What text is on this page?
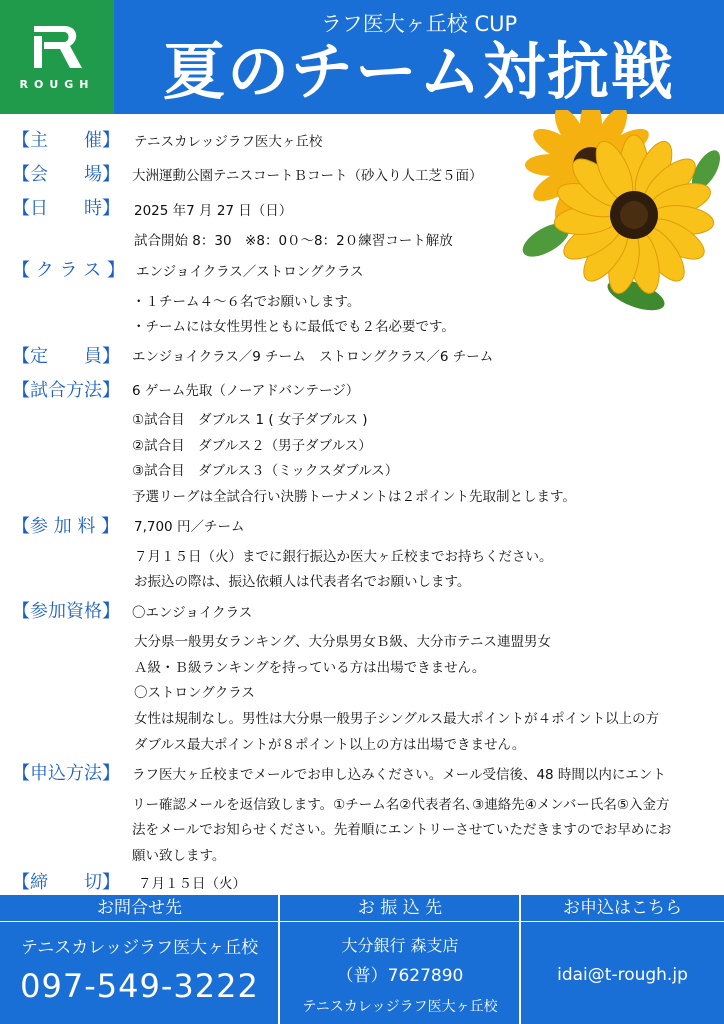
ROUGH
ラフ医大ヶ丘校 CUP
夏のチーム対抗戦
【主　　催】 テニスカレッジラフ医大ヶ丘校
【会　　場】 大洲運動公園テニスコートＢコート（砂入り人工芝５面）
【日　　時】 2025 年7 月 27 日（日）
試合開始 8：30　※8：0０～8：2０練習コート解放
【 ク ラ ス 】 エンジョイクラス／ストロングクラス
・１チーム４～６名でお願いします。
・チームには女性男性ともに最低でも２名必要です。
【定　　員】 エンジョイクラス／9 チーム　ストロングクラス／6 チーム
【試合方法】 6 ゲーム先取（ノーアドバンテージ）
①試合目　ダブルス 1 ( 女子ダブルス )
②試合目　ダブルス２（男子ダブルス）
③試合目　ダブルス３（ミックスダブルス）
予選リーグは全試合行い決勝トーナメントは２ポイント先取制とします。
【参 加 料 】 7,700 円／チーム
７月１５日（火）までに銀行振込か医大ヶ丘校までお持ちください。
お振込の際は、振込依頼人は代表者名でお願いします。
【参加資格】 〇エンジョイクラス
大分県一般男女ランキング、大分県男女Ｂ級、大分市テニス連盟男女
Ａ級・Ｂ級ランキングを持っている方は出場できません。
〇ストロングクラス
女性は規制なし。男性は大分県一般男子シングルス最大ポイントが４ポイント以上の方
ダブルス最大ポイントが８ポイント以上の方は出場できません。
【申込方法】 ラフ医大ヶ丘校までメールでお申し込みください。メール受信後、48 時間以内にエント
リー確認メールを返信致します。①チーム名②代表者名､③連絡先④メンバー氏名⑤入金方
法をメールでお知らせください。先着順にエントリーさせていただきますのでお早めにお
願い致します。
【締　　切】 ７月１５日（火）
お問合せ先
テニスカレッジラフ医大ヶ丘校
097-549-3222
お 振 込 先
大分銀行 森支店
（普）7627890
テニスカレッジラフ医大ヶ丘校
お申込はこちら
idai@t-rough.jp
